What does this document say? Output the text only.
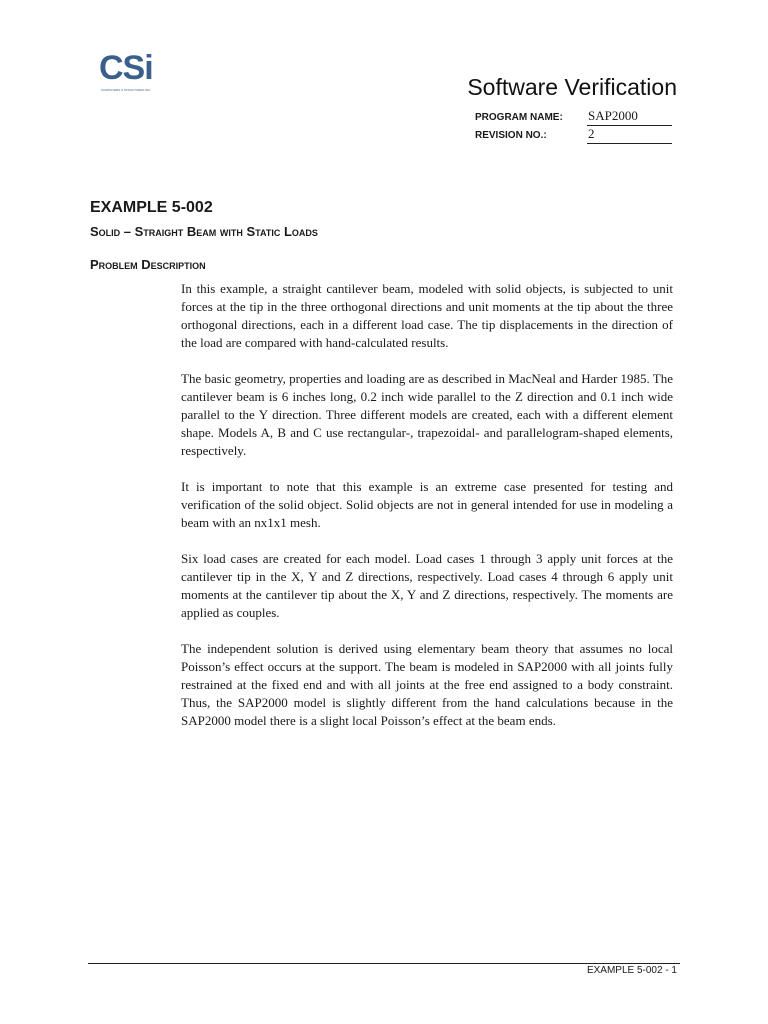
CSi
COMPUTERS & STRUCTURES INC.	Software Verification
PROGRAM NAME: SAP2000
REVISION NO.:	2
EXAMPLE 5-002
Solid – Straight Beam with Static Loads
Problem Description

In this example, a straight cantilever beam, modeled with solid objects, is subjected to unit forces at the tip in the three orthogonal directions and unit moments at the tip about the three orthogonal directions, each in a different load case. The tip displacements in the direction of the load are compared with hand-calculated results.

The basic geometry, properties and loading are as described in MacNeal and Harder 1985. The cantilever beam is 6 inches long, 0.2 inch wide parallel to the Z direction and 0.1 inch wide parallel to the Y direction. Three different models are created, each with a different element shape. Models A, B and C use rectangular-, trapezoidal- and parallelogram-shaped elements, respectively.

It is important to note that this example is an extreme case presented for testing and verification of the solid object. Solid objects are not in general intended for use in modeling a beam with an nx1x1 mesh.

Six load cases are created for each model. Load cases 1 through 3 apply unit forces at the cantilever tip in the X, Y and Z directions, respectively. Load cases 4 through 6 apply unit moments at the cantilever tip about the X, Y and Z directions, respectively. The moments are applied as couples.

The independent solution is derived using elementary beam theory that assumes no local Poisson’s effect occurs at the support. The beam is modeled in SAP2000 with all joints fully restrained at the fixed end and with all joints at the free end assigned to a body constraint. Thus, the SAP2000 model is slightly different from the hand calculations because in the SAP2000 model there is a slight local Poisson’s effect at the beam ends.

EXAMPLE 5-002 - 1
